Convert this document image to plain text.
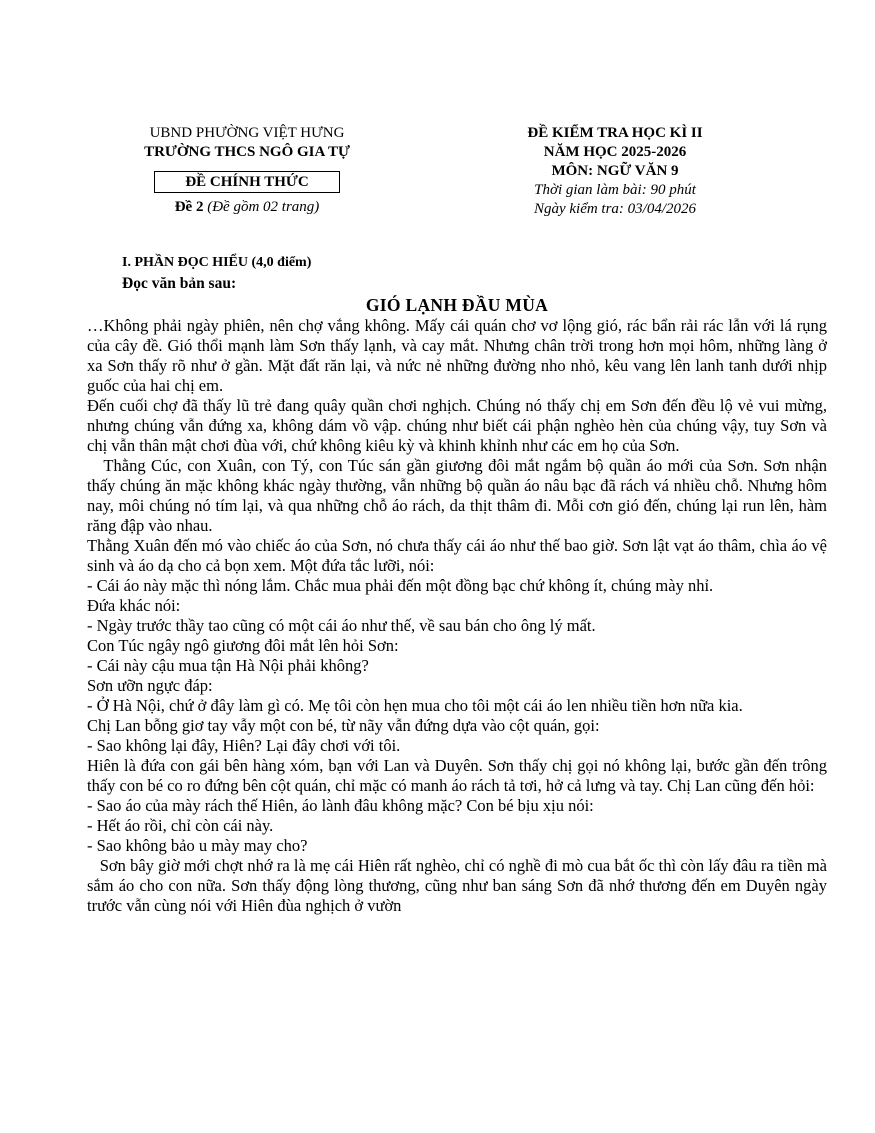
UBND PHƯỜNG VIỆT HƯNG
TRƯỜNG THCS NGÔ GIA TỰ
ĐỀ CHÍNH THỨC
Đề 2 (Đề gồm 02 trang)
ĐỀ KIỂM TRA HỌC KÌ II
NĂM HỌC 2025-2026
MÔN: NGỮ VĂN 9
Thời gian làm bài: 90 phút
Ngày kiểm tra: 03/04/2026
I. PHẦN ĐỌC HIỂU (4,0 điểm)
Đọc văn bản sau:
GIÓ LẠNH ĐẦU MÙA

…Không phải ngày phiên, nên chợ vắng không. Mấy cái quán chơ vơ lộng gió, rác bẩn rải rác lẫn với lá rụng của cây đề. Gió thổi mạnh làm Sơn thấy lạnh, và cay mắt. Nhưng chân trời trong hơn mọi hôm, những làng ở xa Sơn thấy rõ như ở gần. Mặt đất răn lại, và nức nẻ những đường nho nhỏ, kêu vang lên lanh tanh dưới nhịp guốc của hai chị em.

Đến cuối chợ đã thấy lũ trẻ đang quây quần chơi nghịch. Chúng nó thấy chị em Sơn đến đều lộ vẻ vui mừng, nhưng chúng vẫn đứng xa, không dám vồ vập. chúng như biết cái phận nghèo hèn của chúng vậy, tuy Sơn và chị vẫn thân mật chơi đùa với, chứ không kiêu kỳ và khinh khỉnh như các em họ của Sơn.

Thằng Cúc, con Xuân, con Tý, con Túc sán gần giương đôi mắt ngắm bộ quần áo mới của Sơn. Sơn nhận thấy chúng ăn mặc không khác ngày thường, vẫn những bộ quần áo nâu bạc đã rách vá nhiều chỗ. Nhưng hôm nay, môi chúng nó tím lại, và qua những chỗ áo rách, da thịt thâm đi. Mỗi cơn gió đến, chúng lại run lên, hàm răng đập vào nhau.

Thằng Xuân đến mó vào chiếc áo của Sơn, nó chưa thấy cái áo như thế bao giờ. Sơn lật vạt áo thâm, chìa áo vệ sinh và áo dạ cho cả bọn xem. Một đứa tắc lưỡi, nói:

- Cái áo này mặc thì nóng lắm. Chắc mua phải đến một đồng bạc chứ không ít, chúng mày nhỉ.

Đứa khác nói:

- Ngày trước thầy tao cũng có một cái áo như thế, về sau bán cho ông lý mất.

Con Túc ngây ngô giương đôi mắt lên hỏi Sơn:

- Cái này cậu mua tận Hà Nội phải không?

Sơn ưỡn ngực đáp:

- Ở Hà Nội, chứ ở đây làm gì có. Mẹ tôi còn hẹn mua cho tôi một cái áo len nhiều tiền hơn nữa kia.

Chị Lan bỗng giơ tay vẫy một con bé, từ nãy vẫn đứng dựa vào cột quán, gọi:

- Sao không lại đây, Hiên? Lại đây chơi với tôi.

Hiên là đứa con gái bên hàng xóm, bạn với Lan và Duyên. Sơn thấy chị gọi nó không lại, bước gần đến trông thấy con bé co ro đứng bên cột quán, chỉ mặc có manh áo rách tả tơi, hở cả lưng và tay. Chị Lan cũng đến hỏi:

- Sao áo của mày rách thế Hiên, áo lành đâu không mặc? Con bé bịu xịu nói:

- Hết áo rồi, chỉ còn cái này.

- Sao không bảo u mày may cho?

Sơn bây giờ mới chợt nhớ ra là mẹ cái Hiên rất nghèo, chỉ có nghề đi mò cua bắt ốc thì còn lấy đâu ra tiền mà sắm áo cho con nữa. Sơn thấy động lòng thương, cũng như ban sáng Sơn đã nhớ thương đến em Duyên ngày trước vẫn cùng nói với Hiên đùa nghịch ở vườn
